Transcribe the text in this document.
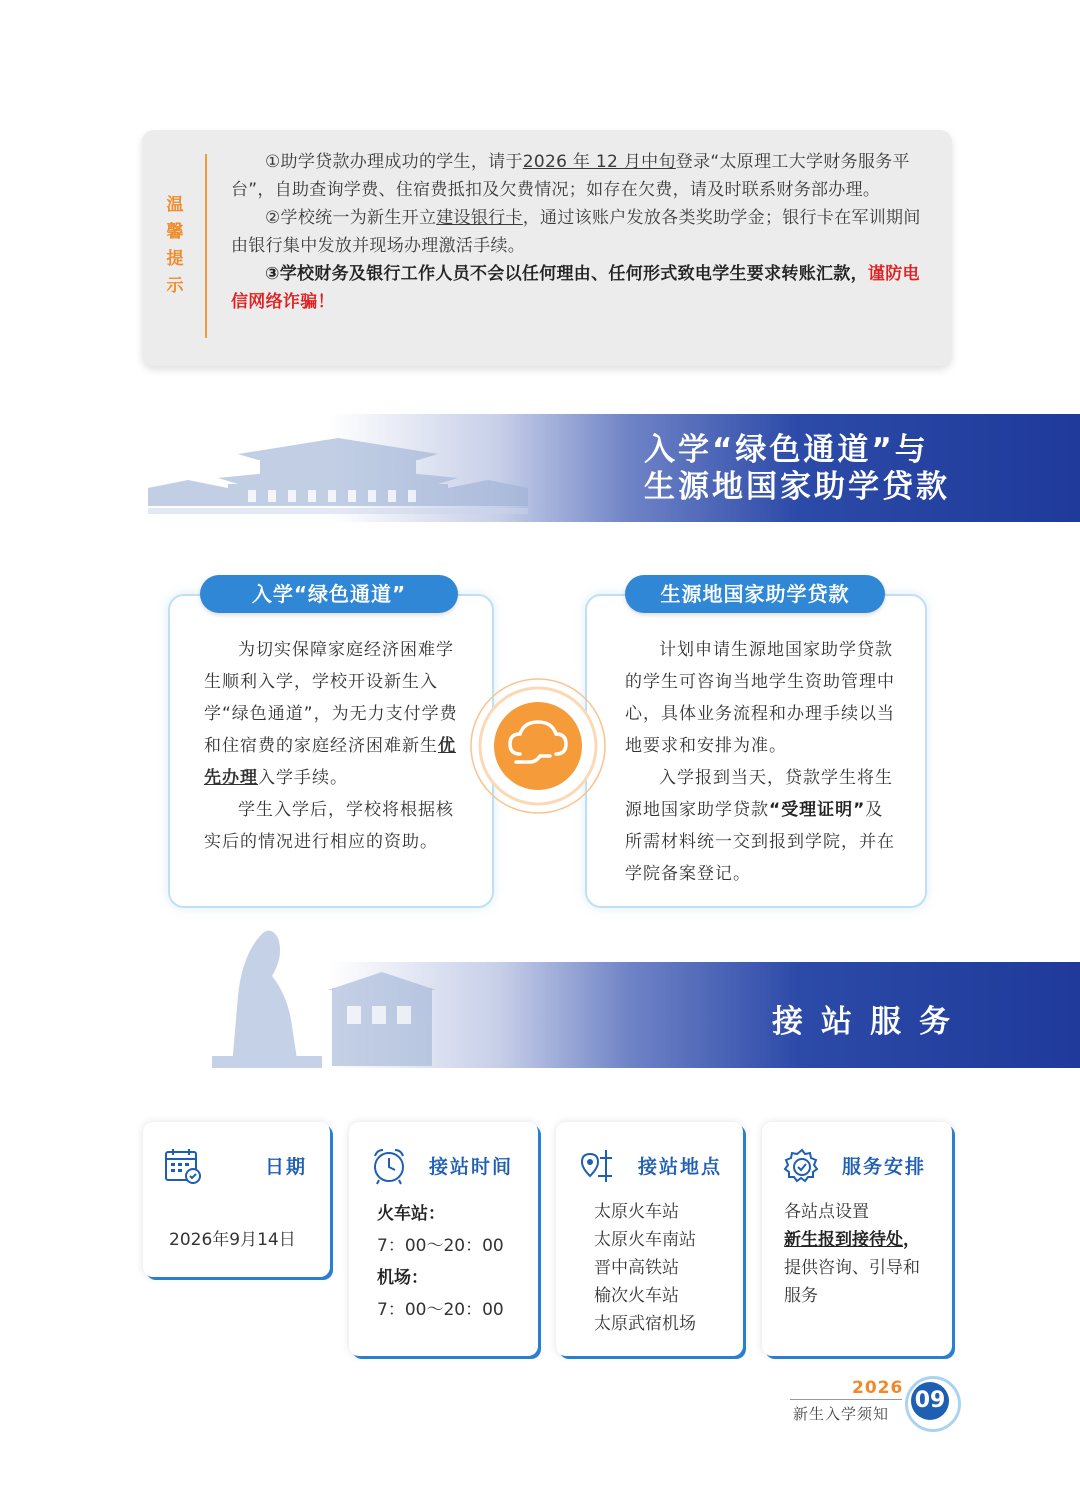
温
馨
提
示

①助学贷款办理成功的学生，请于2026 年 12 月中旬登录“太原理工大学财务服务平台”，自助查询学费、住宿费抵扣及欠费情况；如存在欠费，请及时联系财务部办理。

②学校统一为新生开立建设银行卡，通过该账户发放各类奖助学金；银行卡在军训期间由银行集中发放并现场办理激活手续。

③学校财务及银行工作人员不会以任何理由、任何形式致电学生要求转账汇款，谨防电信网络诈骗！

入学“绿色通道”与
生源地国家助学贷款

为切实保障家庭经济困难学生顺利入学，学校开设新生入学“绿色通道”，为无力支付学费和住宿费的家庭经济困难新生优先办理入学手续。

学生入学后，学校将根据核实后的情况进行相应的资助。

入学“绿色通道”

计划申请生源地国家助学贷款的学生可咨询当地学生资助管理中心，具体业务流程和办理手续以当地要求和安排为准。

入学报到当天，贷款学生将生源地国家助学贷款“受理证明”及所需材料统一交到报到学院，并在学院备案登记。

生源地国家助学贷款
接站服务
日期
2026年9月14日
接站时间
火车站：
7：00～20：00
机场：
7：00～20：00
接站地点
太原火车站
太原火车南站
晋中高铁站
榆次火车站
太原武宿机场
服务安排
各站点设置
新生报到接待处，
提供咨询、引导和
服务
2026
新生入学须知
09
